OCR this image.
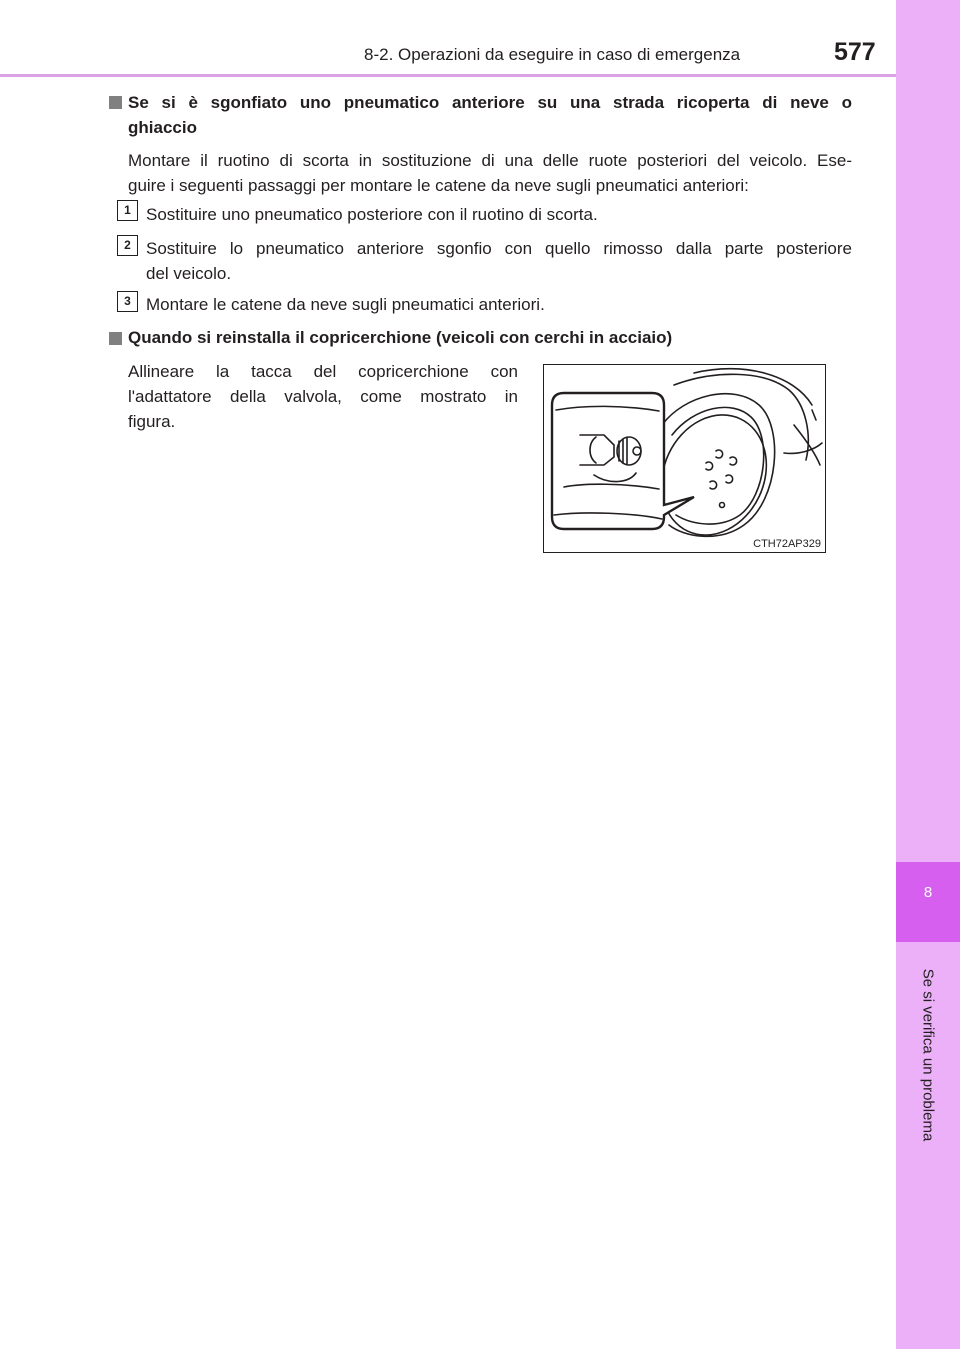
8-2. Operazioni da eseguire in caso di emergenza	577
8
Se si verifica un problema
Se si è sgonfiato uno pneumatico anteriore su una strada ricoperta di neve o
ghiaccio
Montare il ruotino di scorta in sostituzione di una delle ruote posteriori del veicolo. Ese-
guire i seguenti passaggi per montare le catene da neve sugli pneumatici anteriori:
1 Sostituire uno pneumatico posteriore con il ruotino di scorta.
2 Sostituire lo pneumatico anteriore sgonfio con quello rimosso dalla parte posteriore
del veicolo.
3 Montare le catene da neve sugli pneumatici anteriori.
Quando si reinstalla il copricerchione (veicoli con cerchi in acciaio)
Allineare la tacca del copricerchione con
l'adattatore della valvola, come mostrato in
figura.
CTH72AP329
